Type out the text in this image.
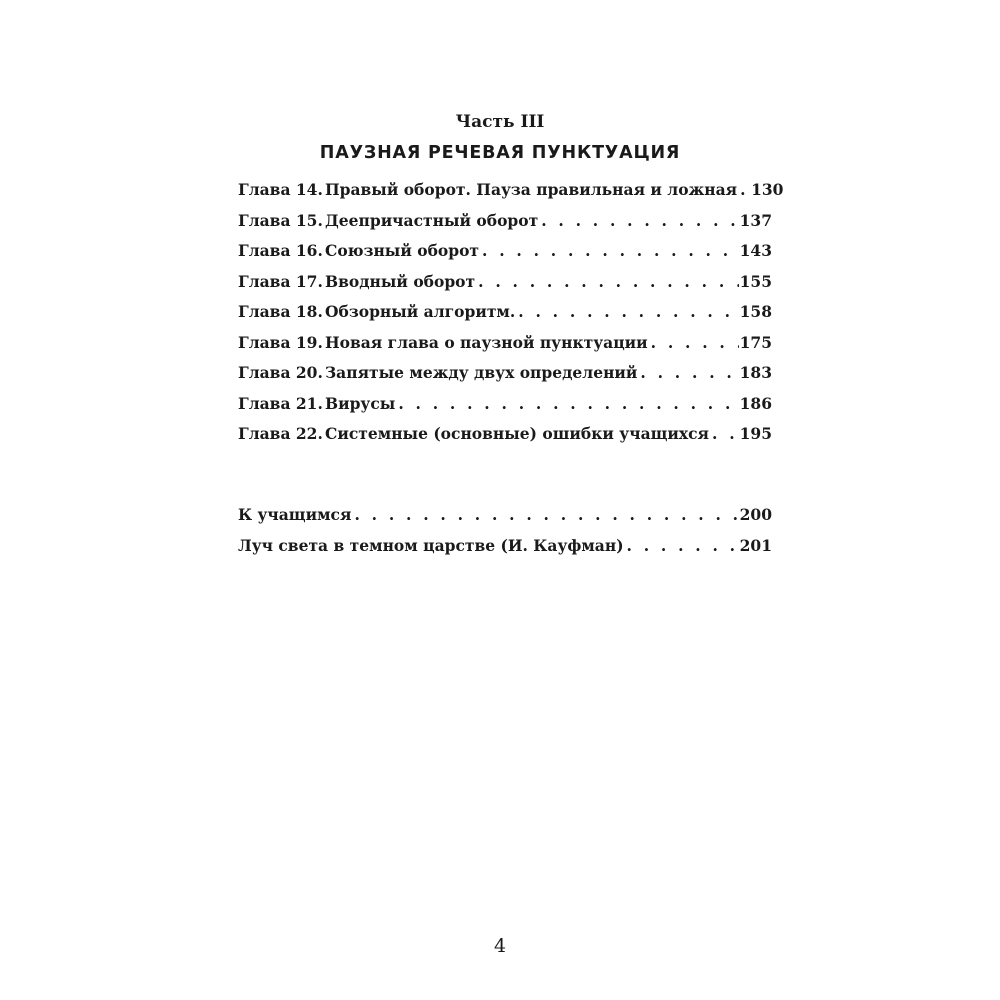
Часть III
ПАУЗНАЯ РЕЧЕВАЯ ПУНКТУАЦИЯ
Глава 14. Правый оборот. Пауза правильная и ложная . . . 130
Глава 15. Деепричастный оборот . . .	137
Глава 16. Союзный оборот . . .	143
Глава 17. Вводный оборот . . .	155
Глава 18. Обзорный алгоритм. . . .	158
Глава 19. Новая глава о паузной пунктуации . . .	175
Глава 20. Запятые между двух определений . . .	183
Глава 21. Вирусы . . .	186
Глава 22. Системные (основные) ошибки учащихся . . . 195
К учащимся . . .	200
Луч света в темном царстве (И. Кауфман) . . .	201
4
